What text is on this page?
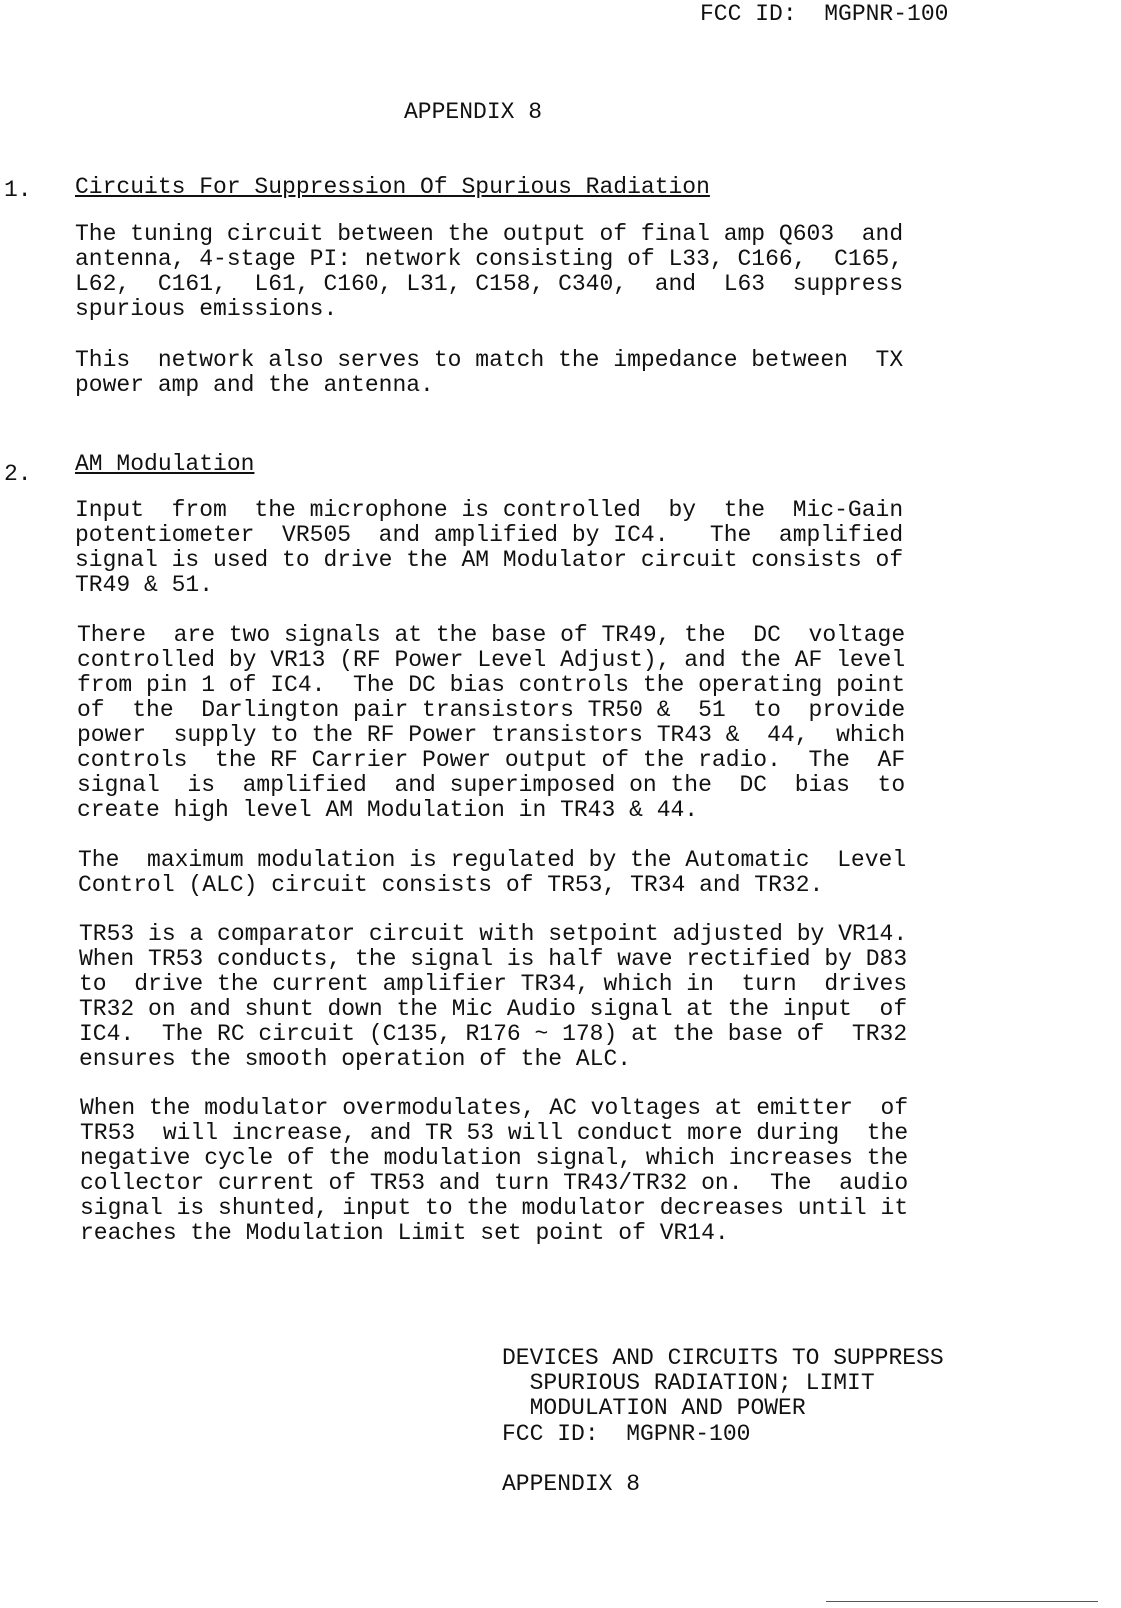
FCC ID:  MGPNR-100
APPENDIX 8
1. Circuits For Suppression Of Spurious Radiation
The tuning circuit between the output of final amp Q603  and
antenna, 4-stage PI: network consisting of L33, C166,  C165,
L62,  C161,  L61, C160, L31, C158, C340,  and  L63  suppress
spurious emissions.
This  network also serves to match the impedance between  TX
power amp and the antenna.
2. AM Modulation
Input  from  the microphone is controlled  by  the  Mic-Gain
potentiometer  VR505  and amplified by IC4.   The  amplified
signal is used to drive the AM Modulator circuit consists of
TR49 & 51.
There  are two signals at the base of TR49, the  DC  voltage
controlled by VR13 (RF Power Level Adjust), and the AF level
from pin 1 of IC4.  The DC bias controls the operating point
of  the  Darlington pair transistors TR50 &  51  to  provide
power  supply to the RF Power transistors TR43 &  44,  which
controls  the RF Carrier Power output of the radio.  The  AF
signal  is  amplified  and superimposed on the  DC  bias  to
create high level AM Modulation in TR43 & 44.
The  maximum modulation is regulated by the Automatic  Level
Control (ALC) circuit consists of TR53, TR34 and TR32.
TR53 is a comparator circuit with setpoint adjusted by VR14.
When TR53 conducts, the signal is half wave rectified by D83
to  drive the current amplifier TR34, which in  turn  drives
TR32 on and shunt down the Mic Audio signal at the input  of
IC4.  The RC circuit (C135, R176 ~ 178) at the base of  TR32
ensures the smooth operation of the ALC.
When the modulator overmodulates, AC voltages at emitter  of
TR53  will increase, and TR 53 will conduct more during  the
negative cycle of the modulation signal, which increases the
collector current of TR53 and turn TR43/TR32 on.  The  audio
signal is shunted, input to the modulator decreases until it
reaches the Modulation Limit set point of VR14.
DEVICES AND CIRCUITS TO SUPPRESS
SPURIOUS RADIATION; LIMIT
MODULATION AND POWER
FCC ID:  MGPNR-100
APPENDIX 8
